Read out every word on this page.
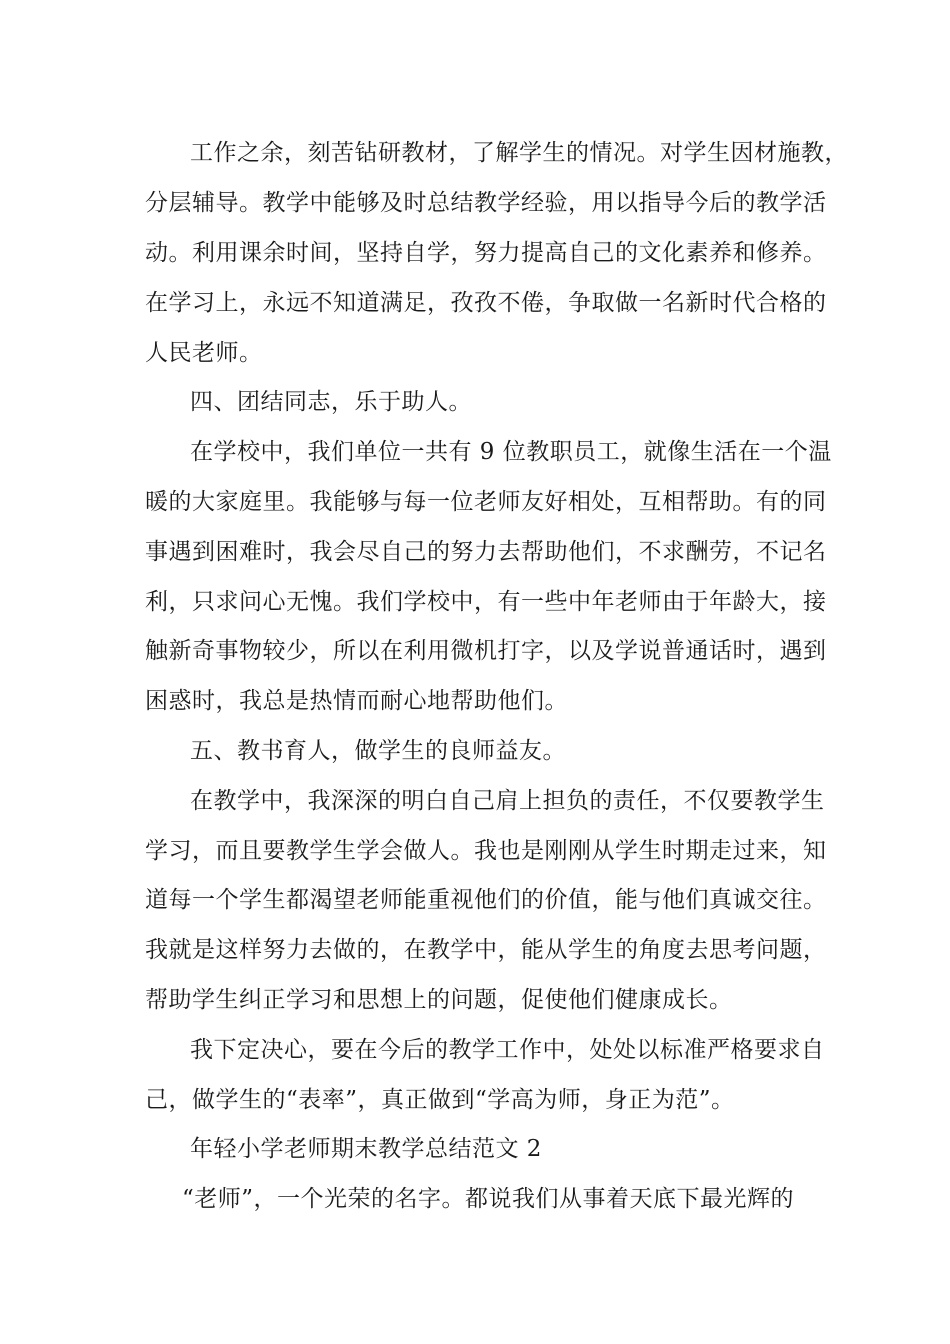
工作之余，刻苦钻研教材，了解学生的情况。对学生因材施教，
分层辅导。教学中能够及时总结教学经验，用以指导今后的教学活
动。利用课余时间，坚持自学，努力提高自己的文化素养和修养。
在学习上，永远不知道满足，孜孜不倦，争取做一名新时代合格的
人民老师。
四、团结同志，乐于助人。
在学校中，我们单位一共有 9 位教职员工，就像生活在一个温
暖的大家庭里。我能够与每一位老师友好相处，互相帮助。有的同
事遇到困难时，我会尽自己的努力去帮助他们，不求酬劳，不记名
利，只求问心无愧。我们学校中，有一些中年老师由于年龄大，接
触新奇事物较少，所以在利用微机打字，以及学说普通话时，遇到
困惑时，我总是热情而耐心地帮助他们。
五、教书育人，做学生的良师益友。
在教学中，我深深的明白自己肩上担负的责任，不仅要教学生
学习，而且要教学生学会做人。我也是刚刚从学生时期走过来，知
道每一个学生都渴望老师能重视他们的价值，能与他们真诚交往。
我就是这样努力去做的，在教学中，能从学生的角度去思考问题，
帮助学生纠正学习和思想上的问题，促使他们健康成长。
我下定决心，要在今后的教学工作中，处处以标准严格要求自
己，做学生的“表率”，真正做到“学高为师，身正为范”。
年轻小学老师期末教学总结范文 2
“老师”，一个光荣的名字。都说我们从事着天底下最光辉的
